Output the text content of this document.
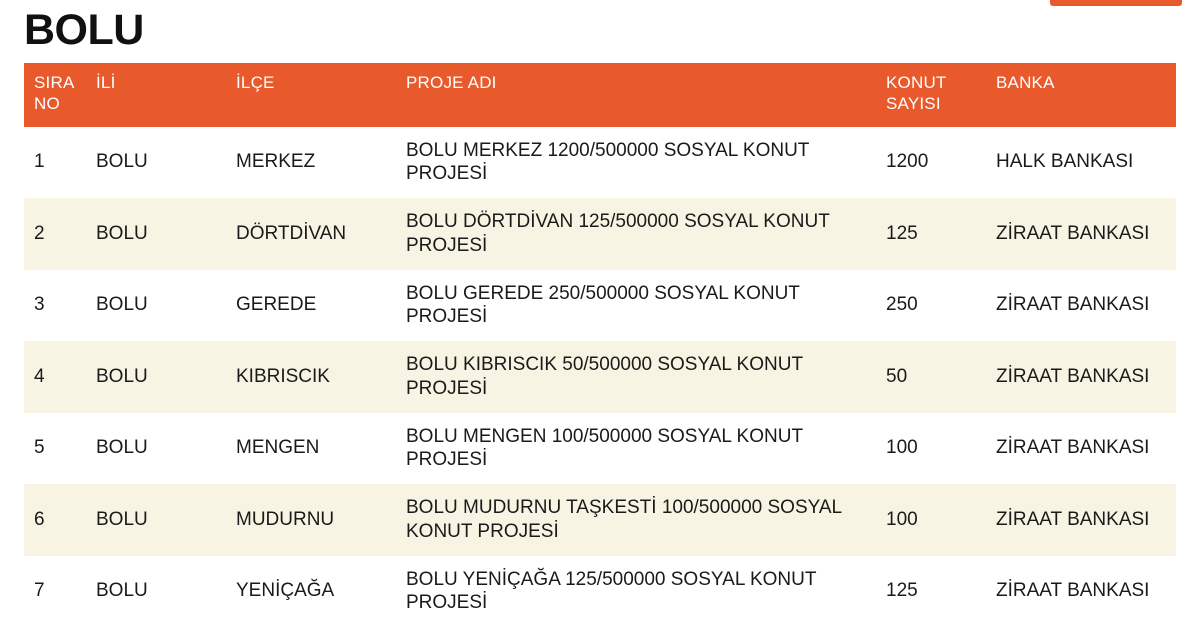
BOLU
SIRA NO	İLİ	İLÇE	PROJE ADI	KONUT SAYISI	BANKA
1	BOLU	MERKEZ	BOLU MERKEZ 1200/500000 SOSYAL KONUT PROJESİ	1200	HALK BANKASI
2	BOLU	DÖRTDİVAN	BOLU DÖRTDİVAN 125/500000 SOSYAL KONUT PROJESİ	125	ZİRAAT BANKASI
3	BOLU	GEREDE	BOLU GEREDE 250/500000 SOSYAL KONUT PROJESİ	250	ZİRAAT BANKASI
4	BOLU	KIBRISCIK	BOLU KIBRISCIK 50/500000 SOSYAL KONUT PROJESİ	50	ZİRAAT BANKASI
5	BOLU	MENGEN	BOLU MENGEN 100/500000 SOSYAL KONUT PROJESİ	100	ZİRAAT BANKASI
6	BOLU	MUDURNU	BOLU MUDURNU TAŞKESTİ 100/500000 SOSYAL KONUT PROJESİ	100	ZİRAAT BANKASI
7	BOLU	YENİÇAĞA	BOLU YENİÇAĞA 125/500000 SOSYAL KONUT PROJESİ	125	ZİRAAT BANKASI
